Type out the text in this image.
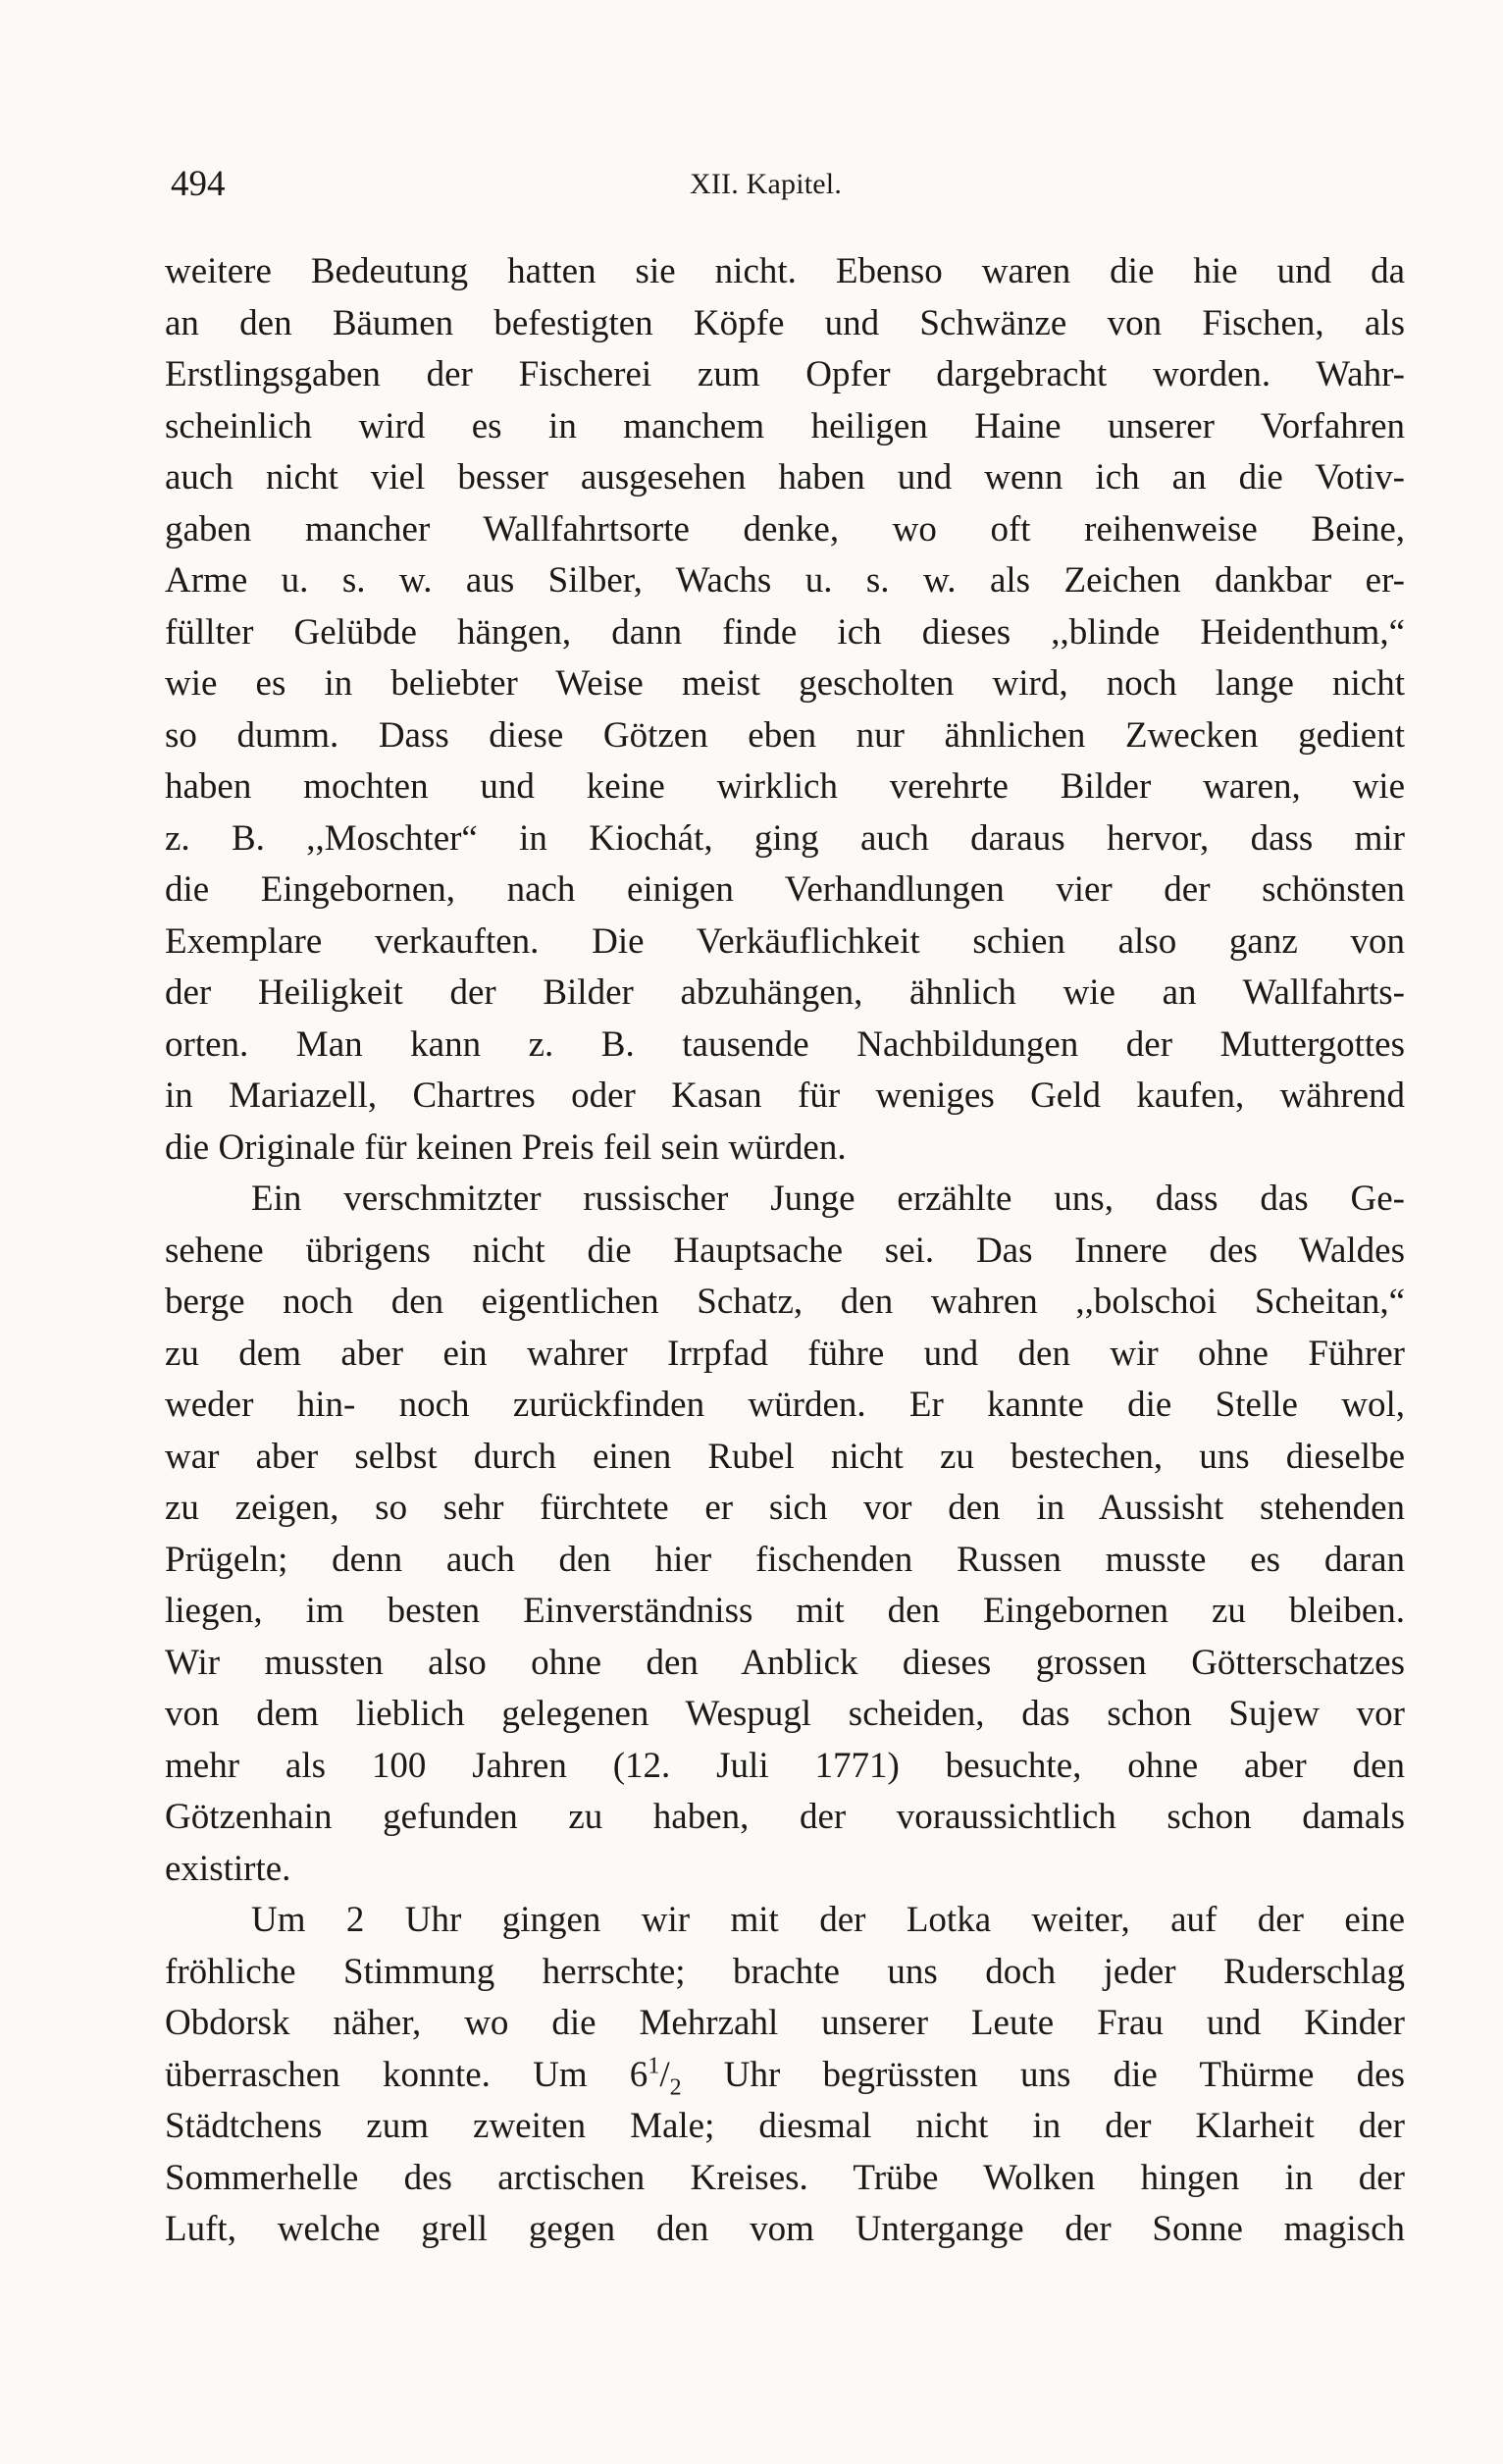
494	XII. Kapitel.
weitere Bedeutung hatten sie nicht. Ebenso waren die hie und da
an den Bäumen befestigten Köpfe und Schwänze von Fischen, als
Erstlingsgaben der Fischerei zum Opfer dargebracht worden. Wahr-
scheinlich wird es in manchem heiligen Haine unserer Vorfahren
auch nicht viel besser ausgesehen haben und wenn ich an die Votiv-
gaben mancher Wallfahrtsorte denke, wo oft reihenweise Beine,
Arme u. s. w. aus Silber, Wachs u. s. w. als Zeichen dankbar er-
füllter Gelübde hängen, dann finde ich dieses ,,blinde Heidenthum,“
wie es in beliebter Weise meist gescholten wird, noch lange nicht
so dumm. Dass diese Götzen eben nur ähnlichen Zwecken gedient
haben mochten und keine wirklich verehrte Bilder waren, wie
z. B. ,,Moschter“ in Kiochát, ging auch daraus hervor, dass mir
die Eingebornen, nach einigen Verhandlungen vier der schönsten
Exemplare verkauften. Die Verkäuflichkeit schien also ganz von
der Heiligkeit der Bilder abzuhängen, ähnlich wie an Wallfahrts-
orten. Man kann z. B. tausende Nachbildungen der Muttergottes
in Mariazell, Chartres oder Kasan für weniges Geld kaufen, während
die Originale für keinen Preis feil sein würden.
Ein verschmitzter russischer Junge erzählte uns, dass das Ge-
sehene übrigens nicht die Hauptsache sei. Das Innere des Waldes
berge noch den eigentlichen Schatz, den wahren ,,bolschoi Scheitan,“
zu dem aber ein wahrer Irrpfad führe und den wir ohne Führer
weder hin- noch zurückfinden würden. Er kannte die Stelle wol,
war aber selbst durch einen Rubel nicht zu bestechen, uns dieselbe
zu zeigen, so sehr fürchtete er sich vor den in Aussisht stehenden
Prügeln; denn auch den hier fischenden Russen musste es daran
liegen, im besten Einverständniss mit den Eingebornen zu bleiben.
Wir mussten also ohne den Anblick dieses grossen Götterschatzes
von dem lieblich gelegenen Wespugl scheiden, das schon Sujew vor
mehr als 100 Jahren (12. Juli 1771) besuchte, ohne aber den
Götzenhain gefunden zu haben, der voraussichtlich schon damals
existirte.
Um 2 Uhr gingen wir mit der Lotka weiter, auf der eine
fröhliche Stimmung herrschte; brachte uns doch jeder Ruderschlag
Obdorsk näher, wo die Mehrzahl unserer Leute Frau und Kinder
überraschen konnte. Um $6^1/_2$ Uhr begrüssten uns die Thürme des
Städtchens zum zweiten Male; diesmal nicht in der Klarheit der
Sommerhelle des arctischen Kreises. Trübe Wolken hingen in der
Luft, welche grell gegen den vom Untergange der Sonne magisch
